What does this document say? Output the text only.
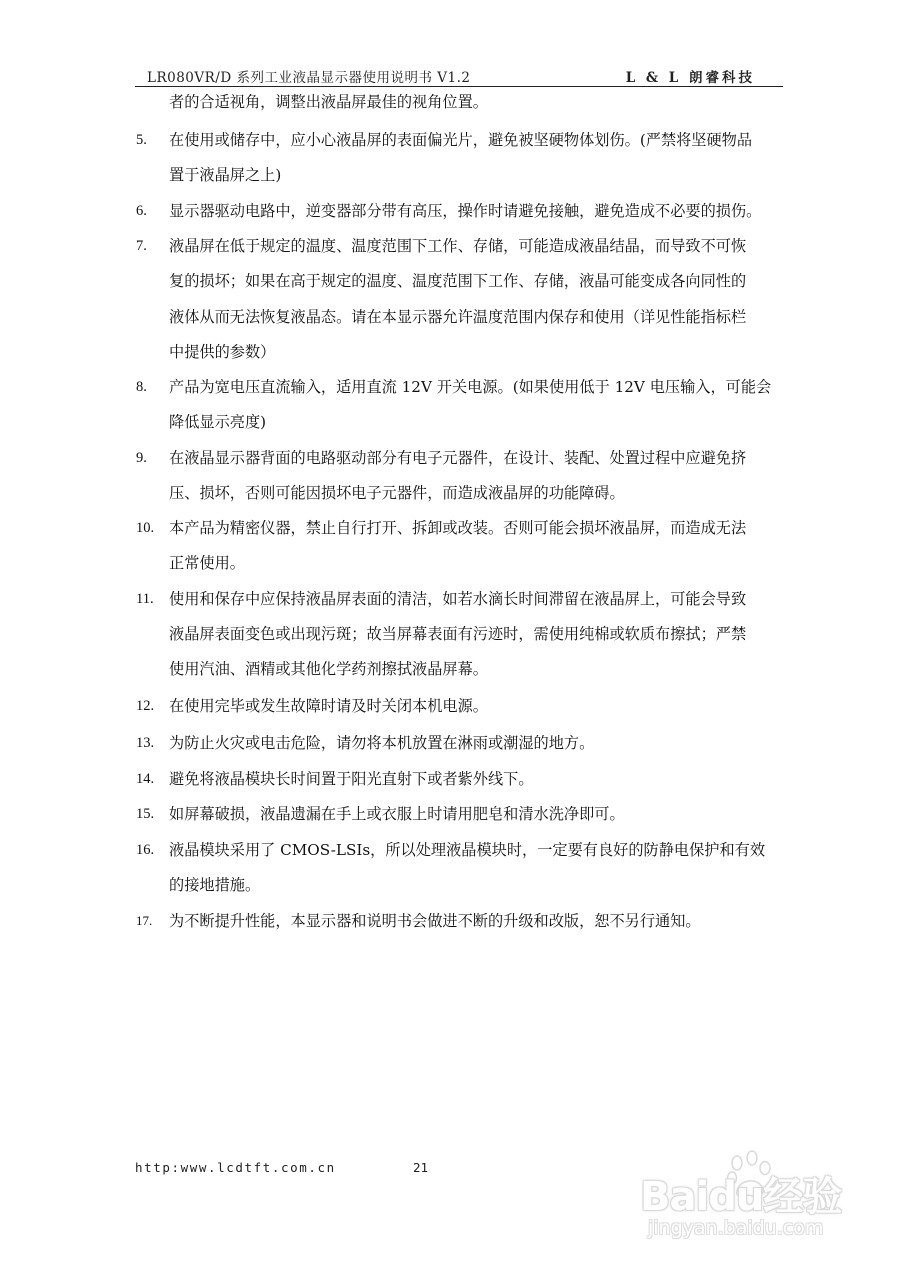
LR080VR/D 系列工业液晶显示器使用说明书 V1.2	L & L 朗睿科技
者的合适视角，调整出液晶屏最佳的视角位置。
5. 在使用或储存中，应小心液晶屏的表面偏光片，避免被坚硬物体划伤。(严禁将坚硬物品
置于液晶屏之上)
6. 显示器驱动电路中，逆变器部分带有高压，操作时请避免接触，避免造成不必要的损伤。
7. 液晶屏在低于规定的温度、温度范围下工作、存储，可能造成液晶结晶，而导致不可恢
复的损坏；如果在高于规定的温度、温度范围下工作、存储，液晶可能变成各向同性的
液体从而无法恢复液晶态。请在本显示器允许温度范围内保存和使用（详见性能指标栏
中提供的参数）
8. 产品为宽电压直流输入，适用直流 12V 开关电源。(如果使用低于 12V 电压输入，可能会
降低显示亮度)
9. 在液晶显示器背面的电路驱动部分有电子元器件，在设计、装配、处置过程中应避免挤
压、损坏，否则可能因损坏电子元器件，而造成液晶屏的功能障碍。
10. 本产品为精密仪器，禁止自行打开、拆卸或改装。否则可能会损坏液晶屏，而造成无法
正常使用。
11. 使用和保存中应保持液晶屏表面的清洁，如若水滴长时间滞留在液晶屏上，可能会导致
液晶屏表面变色或出现污斑；故当屏幕表面有污迹时，需使用纯棉或软质布擦拭；严禁
使用汽油、酒精或其他化学药剂擦拭液晶屏幕。
12. 在使用完毕或发生故障时请及时关闭本机电源。
13. 为防止火灾或电击危险，请勿将本机放置在淋雨或潮湿的地方。
14. 避免将液晶模块长时间置于阳光直射下或者紫外线下。
15. 如屏幕破损，液晶遗漏在手上或衣服上时请用肥皂和清水洗净即可。
16. 液晶模块采用了 CMOS-LSIs，所以处理液晶模块时，一定要有良好的防静电保护和有效
的接地措施。
17. 为不断提升性能，本显示器和说明书会做进不断的升级和改版，恕不另行通知。
http:www.lcdtft.com.cn	21
Baidu经验
jingyan.baidu.com
